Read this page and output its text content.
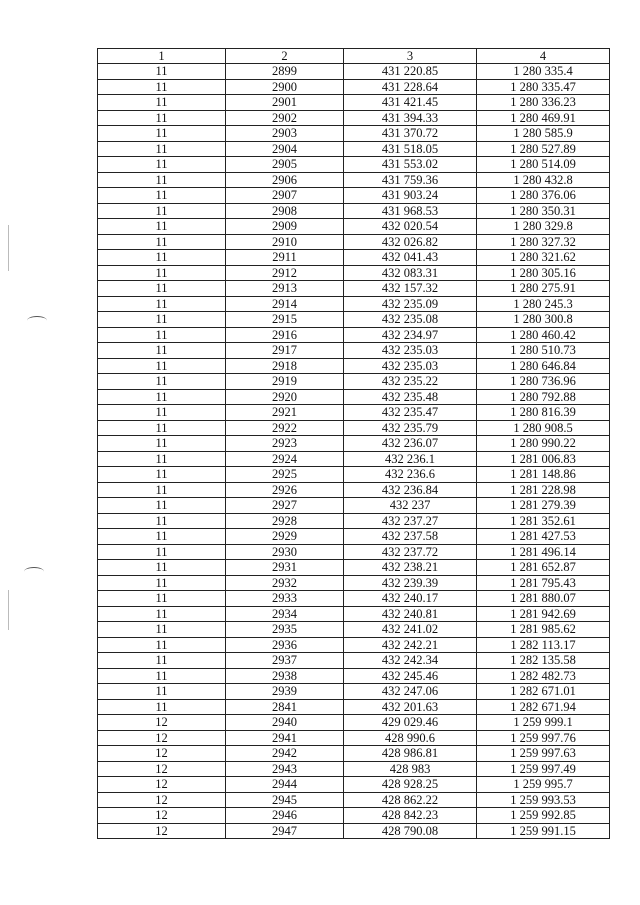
1	2	3	4
11	2899	431 220.85	1 280 335.4
11	2900	431 228.64	1 280 335.47
11	2901	431 421.45	1 280 336.23
11	2902	431 394.33	1 280 469.91
11	2903	431 370.72	1 280 585.9
11	2904	431 518.05	1 280 527.89
11	2905	431 553.02	1 280 514.09
11	2906	431 759.36	1 280 432.8
11	2907	431 903.24	1 280 376.06
11	2908	431 968.53	1 280 350.31
11	2909	432 020.54	1 280 329.8
11	2910	432 026.82	1 280 327.32
11	2911	432 041.43	1 280 321.62
11	2912	432 083.31	1 280 305.16
11	2913	432 157.32	1 280 275.91
11	2914	432 235.09	1 280 245.3
11	2915	432 235.08	1 280 300.8
11	2916	432 234.97	1 280 460.42
11	2917	432 235.03	1 280 510.73
11	2918	432 235.03	1 280 646.84
11	2919	432 235.22	1 280 736.96
11	2920	432 235.48	1 280 792.88
11	2921	432 235.47	1 280 816.39
11	2922	432 235.79	1 280 908.5
11	2923	432 236.07	1 280 990.22
11	2924	432 236.1	1 281 006.83
11	2925	432 236.6	1 281 148.86
11	2926	432 236.84	1 281 228.98
11	2927	432 237	1 281 279.39
11	2928	432 237.27	1 281 352.61
11	2929	432 237.58	1 281 427.53
11	2930	432 237.72	1 281 496.14
11	2931	432 238.21	1 281 652.87
11	2932	432 239.39	1 281 795.43
11	2933	432 240.17	1 281 880.07
11	2934	432 240.81	1 281 942.69
11	2935	432 241.02	1 281 985.62
11	2936	432 242.21	1 282 113.17
11	2937	432 242.34	1 282 135.58
11	2938	432 245.46	1 282 482.73
11	2939	432 247.06	1 282 671.01
11	2841	432 201.63	1 282 671.94
12	2940	429 029.46	1 259 999.1
12	2941	428 990.6	1 259 997.76
12	2942	428 986.81	1 259 997.63
12	2943	428 983	1 259 997.49
12	2944	428 928.25	1 259 995.7
12	2945	428 862.22	1 259 993.53
12	2946	428 842.23	1 259 992.85
12	2947	428 790.08	1 259 991.15
